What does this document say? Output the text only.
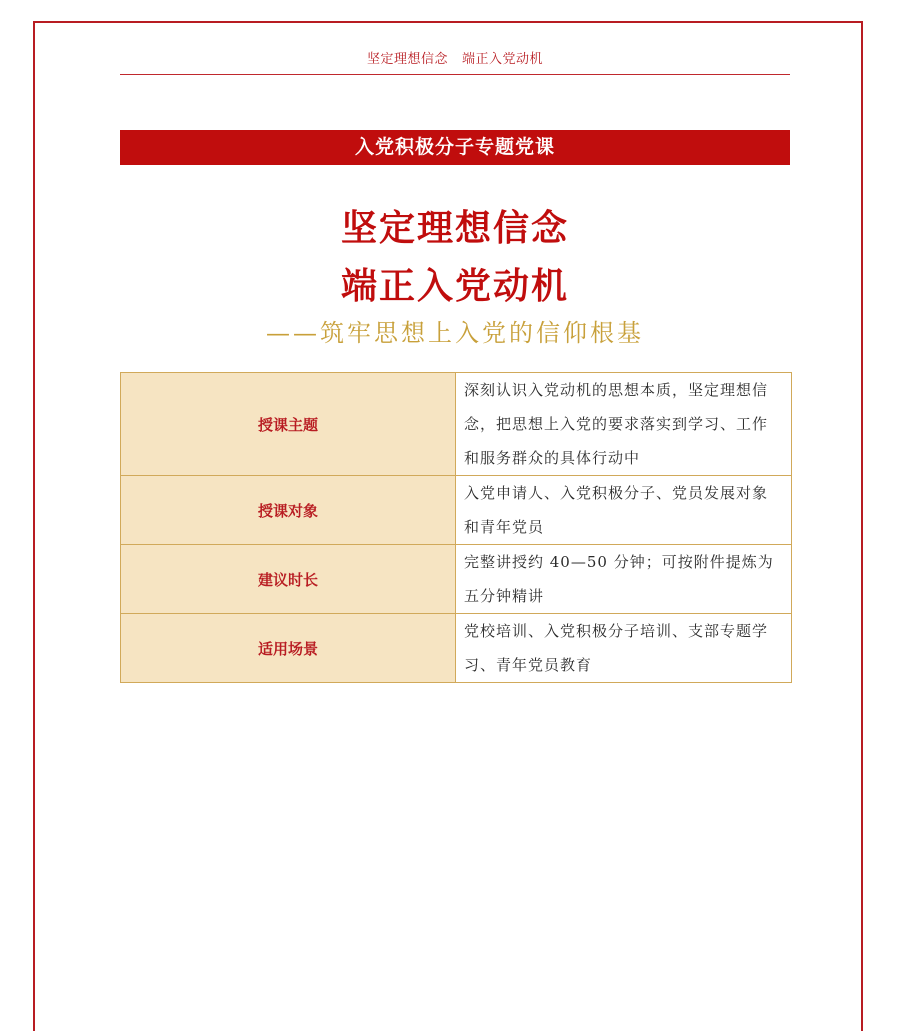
坚定理想信念 端正入党动机
入党积极分子专题党课
坚定理想信念
端正入党动机
——筑牢思想上入党的信仰根基
授课主题	深刻认识入党动机的思想本质，坚定理想信念，把思想上入党的要求落实到学习、工作和服务群众的具体行动中
授课对象	入党申请人、入党积极分子、党员发展对象和青年党员
建议时长	完整讲授约 40—50 分钟；可按附件提炼为五分钟精讲
适用场景	党校培训、入党积极分子培训、支部专题学习、青年党员教育
